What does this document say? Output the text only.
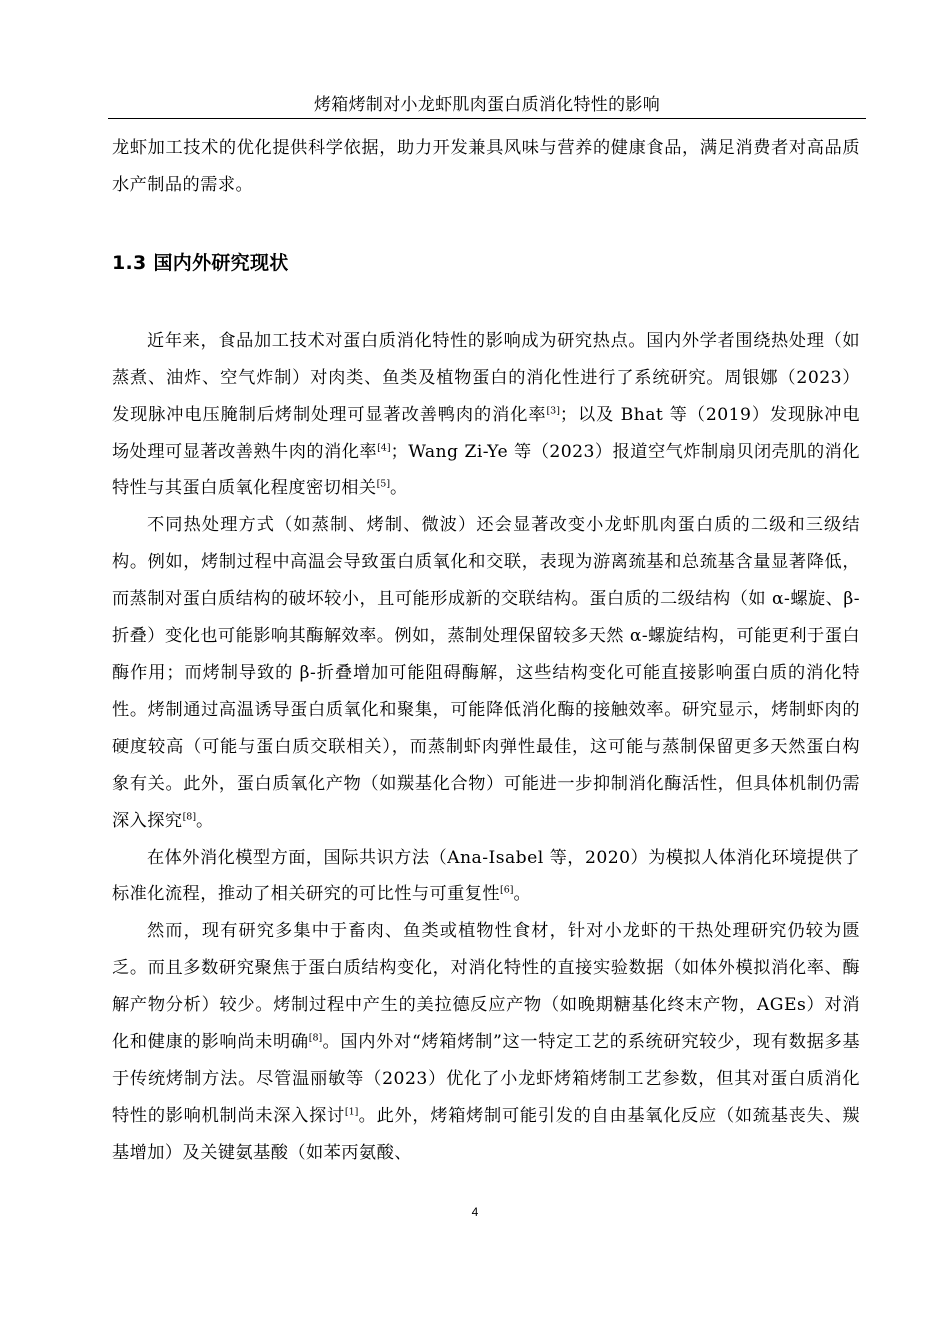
烤箱烤制对小龙虾肌肉蛋白质消化特性的影响

龙虾加工技术的优化提供科学依据，助力开发兼具风味与营养的健康食品，满足消费者对高品质水产制品的需求。

1.3 国内外研究现状

近年来，食品加工技术对蛋白质消化特性的影响成为研究热点。国内外学者围绕热处理（如蒸煮、油炸、空气炸制）对肉类、鱼类及植物蛋白的消化性进行了系统研究。周银娜（2023）发现脉冲电压腌制后烤制处理可显著改善鸭肉的消化率[3]；以及 Bhat 等（2019）发现脉冲电场处理可显著改善熟牛肉的消化率[4]；Wang Zi-Ye 等（2023）报道空气炸制扇贝闭壳肌的消化特性与其蛋白质氧化程度密切相关[5]。

不同热处理方式（如蒸制、烤制、微波）还会显著改变小龙虾肌肉蛋白质的二级和三级结构。例如，烤制过程中高温会导致蛋白质氧化和交联，表现为游离巯基和总巯基含量显著降低，而蒸制对蛋白质结构的破坏较小，且可能形成新的交联结构。蛋白质的二级结构（如 α-螺旋、β-折叠）变化也可能影响其酶解效率。例如，蒸制处理保留较多天然 α-螺旋结构，可能更利于蛋白酶作用；而烤制导致的 β-折叠增加可能阻碍酶解，这些结构变化可能直接影响蛋白质的消化特性。烤制通过高温诱导蛋白质氧化和聚集，可能降低消化酶的接触效率。研究显示，烤制虾肉的硬度较高（可能与蛋白质交联相关），而蒸制虾肉弹性最佳，这可能与蒸制保留更多天然蛋白构象有关。此外，蛋白质氧化产物（如羰基化合物）可能进一步抑制消化酶活性，但具体机制仍需深入探究[8]。

在体外消化模型方面，国际共识方法（Ana-Isabel 等，2020）为模拟人体消化环境提供了标准化流程，推动了相关研究的可比性与可重复性[6]。

然而，现有研究多集中于畜肉、鱼类或植物性食材，针对小龙虾的干热处理研究仍较为匮乏。而且多数研究聚焦于蛋白质结构变化，对消化特性的直接实验数据（如体外模拟消化率、酶解产物分析）较少。烤制过程中产生的美拉德反应产物（如晚期糖基化终末产物，AGEs）对消化和健康的影响尚未明确[8]。国内外对“烤箱烤制”这一特定工艺的系统研究较少，现有数据多基于传统烤制方法。尽管温丽敏等（2023）优化了小龙虾烤箱烤制工艺参数，但其对蛋白质消化特性的影响机制尚未深入探讨[1]。此外，烤箱烤制可能引发的自由基氧化反应（如巯基丧失、羰基增加）及关键氨基酸（如苯丙氨酸、

4
